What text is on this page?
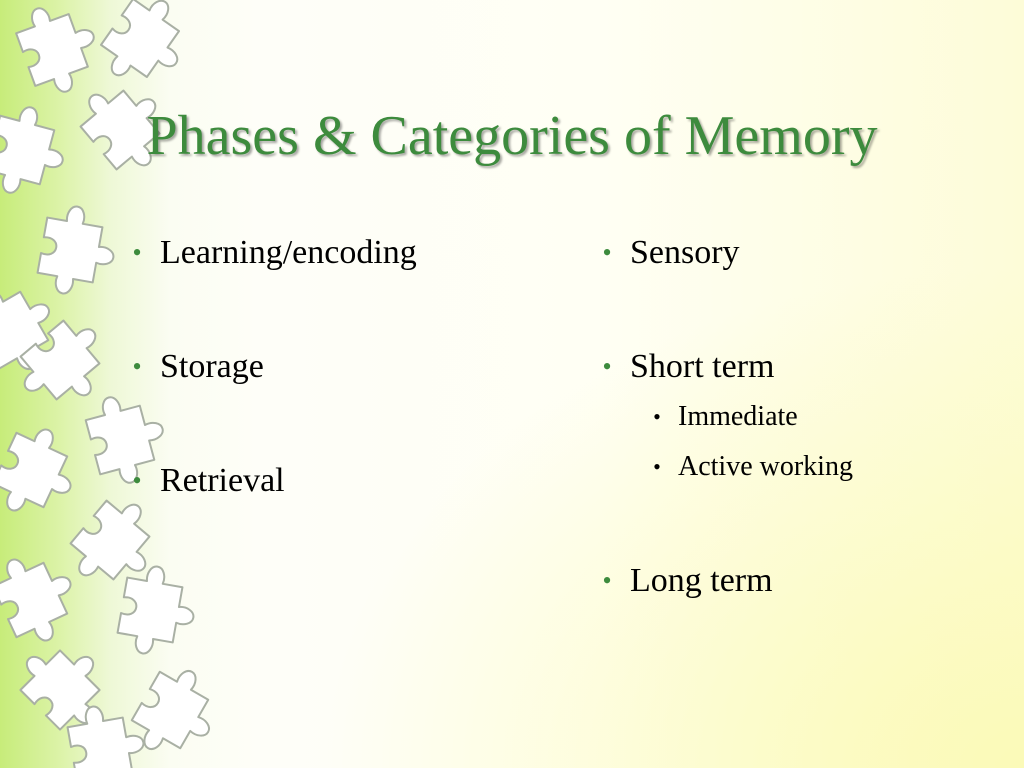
Phases & Categories of Memory
• Learning/encoding
• Storage
• Retrieval
• Sensory
• Short term
• Immediate
• Active working
• Long term
